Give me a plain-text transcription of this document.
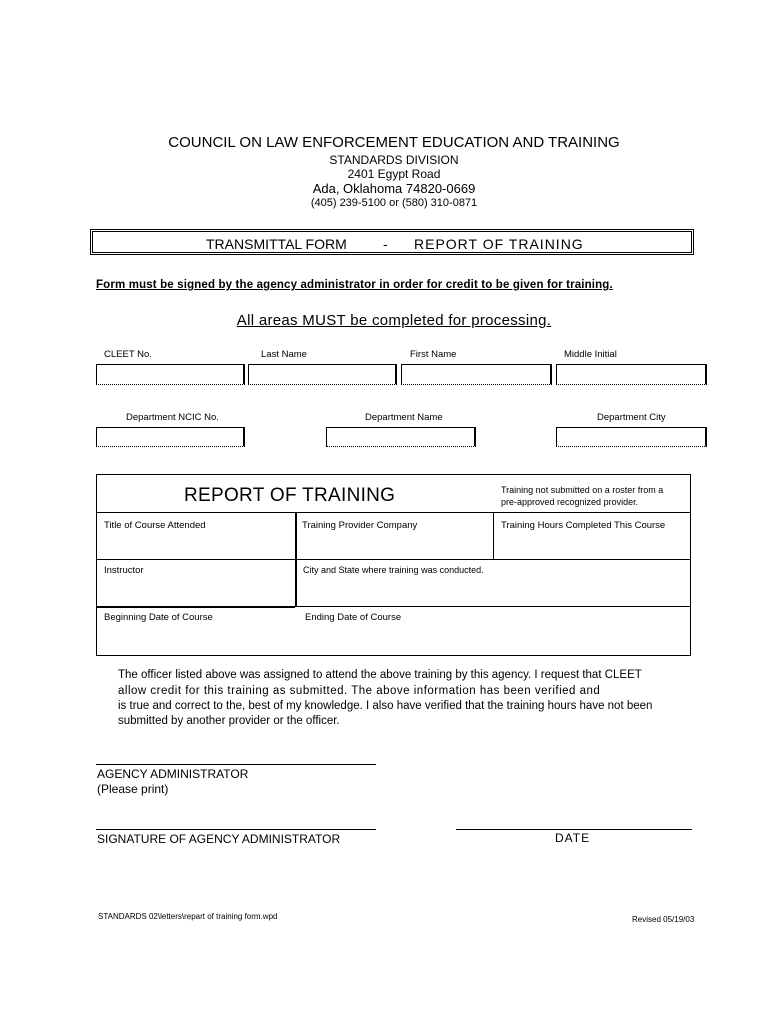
COUNCIL ON LAW ENFORCEMENT EDUCATION AND TRAINING
STANDARDS DIVISION
2401 Egypt Road
Ada, Oklahoma 74820-0669
(405) 239-5100 or (580) 310-0871
TRANSMITTAL FORM	- REPORT OF TRAINING
Form must be signed by the agency administrator in order for credit to be given for training.
All areas MUST be completed for processing.
CLEET No.	Last Name	First Name	Middle Initial
Department NCIC No.	Department Name	Department City
REPORT OF TRAINING	Training not submitted on a roster from a
pre-approved recognized provider.
Title of Course Attended	Training Provider Company	Training Hours Completed This Course
Instructor	City and State where training was conducted.
Beginning Date of Course	Ending Date of Course
The officer listed above was assigned to attend the above training by this agency. I request that CLEET
allow credit for this training as submitted. The above information has been verified and
is true and correct to the, best of my knowledge. I also have verified that the training hours have not been
submitted by another provider or the officer.
AGENCY ADMINISTRATOR
(Please print)
SIGNATURE OF AGENCY ADMINISTRATOR	DATE
STANDARDS 02\letters\repart of training form.wpd	Revised 05/19/03
